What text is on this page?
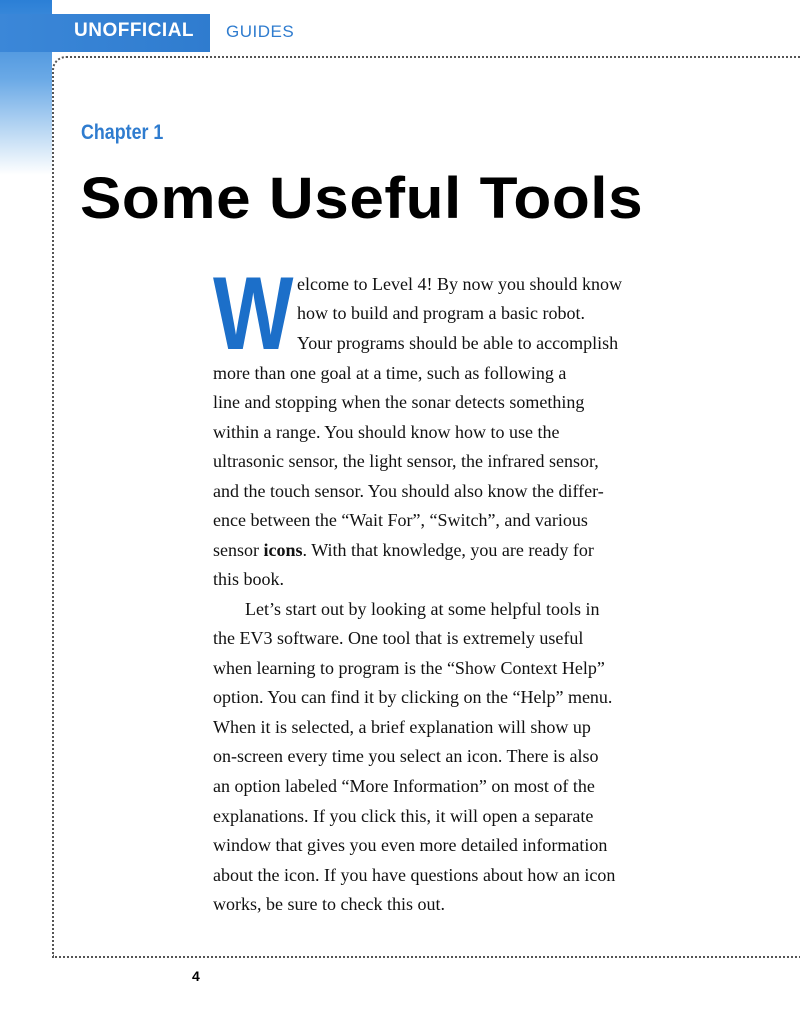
UNOFFICIAL GUIDES
Chapter 1
Some Useful Tools
W elcome to Level 4! By now you should know
how to build and program a basic robot.
Your programs should be able to accomplish
more than one goal at a time, such as following a
line and stopping when the sonar detects something
within a range. You should know how to use the
ultrasonic sensor, the light sensor, the infrared sensor,
and the touch sensor. You should also know the differ-
ence between the “Wait For”, “Switch”, and various
sensor icons. With that knowledge, you are ready for
this book.
Let’s start out by looking at some helpful tools in
the EV3 software. One tool that is extremely useful
when learning to program is the “Show Context Help”
option. You can find it by clicking on the “Help” menu.
When it is selected, a brief explanation will show up
on-screen every time you select an icon. There is also
an option labeled “More Information” on most of the
explanations. If you click this, it will open a separate
window that gives you even more detailed information
about the icon. If you have questions about how an icon
works, be sure to check this out.
4
